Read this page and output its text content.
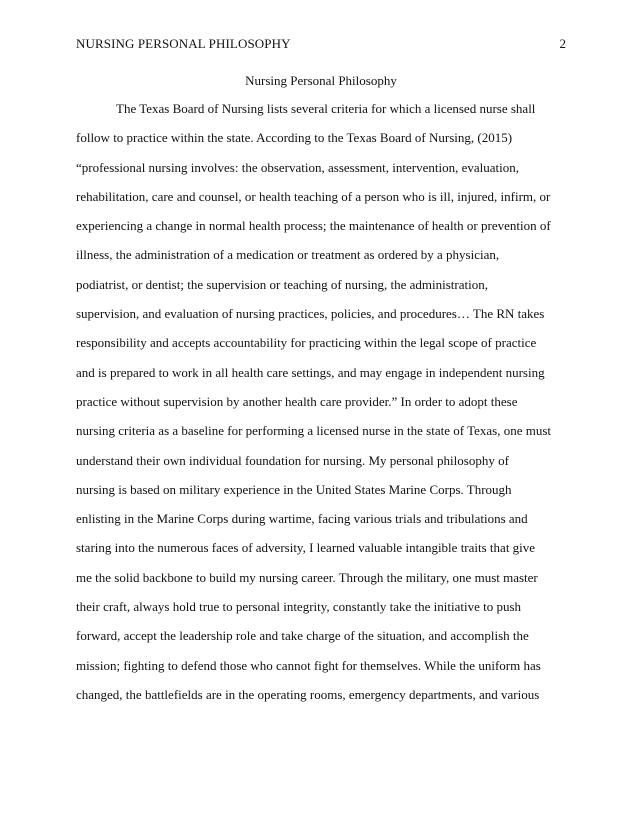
NURSING PERSONAL PHILOSOPHY	2
Nursing Personal Philosophy
The Texas Board of Nursing lists several criteria for which a licensed nurse shall
follow to practice within the state. According to the Texas Board of Nursing, (2015)
“professional nursing involves: the observation, assessment, intervention, evaluation,
rehabilitation, care and counsel, or health teaching of a person who is ill, injured, infirm, or
experiencing a change in normal health process; the maintenance of health or prevention of
illness, the administration of a medication or treatment as ordered by a physician,
podiatrist, or dentist; the supervision or teaching of nursing, the administration,
supervision, and evaluation of nursing practices, policies, and procedures… The RN takes
responsibility and accepts accountability for practicing within the legal scope of practice
and is prepared to work in all health care settings, and may engage in independent nursing
practice without supervision by another health care provider.” In order to adopt these
nursing criteria as a baseline for performing a licensed nurse in the state of Texas, one must
understand their own individual foundation for nursing. My personal philosophy of
nursing is based on military experience in the United States Marine Corps. Through
enlisting in the Marine Corps during wartime, facing various trials and tribulations and
staring into the numerous faces of adversity, I learned valuable intangible traits that give
me the solid backbone to build my nursing career. Through the military, one must master
their craft, always hold true to personal integrity, constantly take the initiative to push
forward, accept the leadership role and take charge of the situation, and accomplish the
mission; fighting to defend those who cannot fight for themselves. While the uniform has
changed, the battlefields are in the operating rooms, emergency departments, and various
